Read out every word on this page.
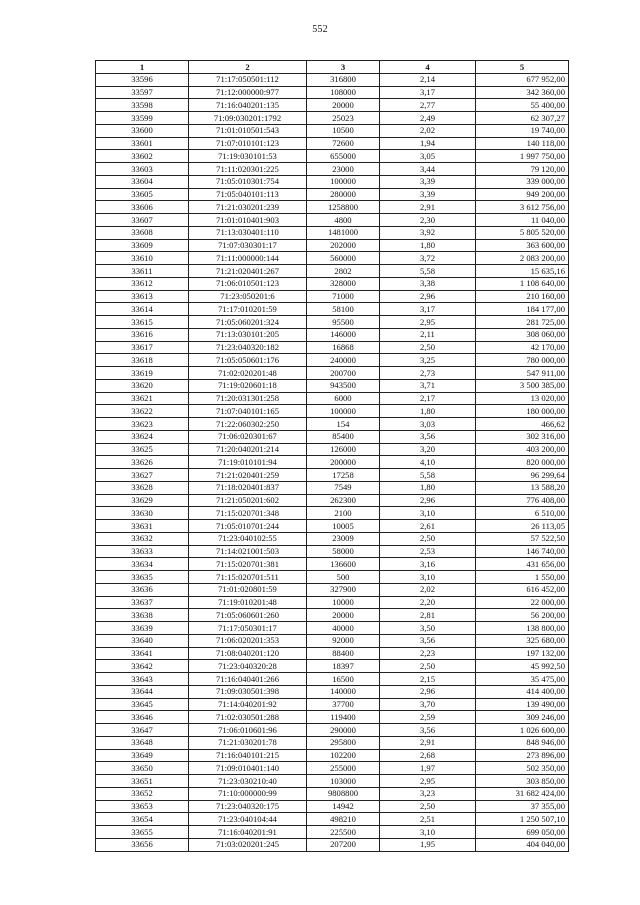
552
1	2	3	4	5
33596	71:17:050501:112	316800	2,14	677 952,00
33597	71:12:000000:977	108000	3,17	342 360,00
33598	71:16:040201:135	20000	2,77	55 400,00
33599	71:09:030201:1792	25023	2,49	62 307,27
33600	71:01:010501:543	10500	2,02	19 740,00
33601	71:07:010101:123	72600	1,94	140 118,00
33602	71:19:030101:53	655000	3,05	1 997 750,00
33603	71:11:020301:225	23000	3,44	79 120,00
33604	71:05:010301:754	100000	3,39	339 000,00
33605	71:05:040101:113	280000	3,39	949 200,00
33606	71:21:030201:239	1258800	2,91	3 612 756,00
33607	71:01:010401:903	4800	2,30	11 040,00
33608	71:13:030401:110	1481000	3,92	5 805 520,00
33609	71:07:030301:17	202000	1,80	363 600,00
33610	71:11:000000:144	560000	3,72	2 083 200,00
33611	71:21:020401:267	2802	5,58	15 635,16
33612	71:06:010501:123	328000	3,38	1 108 640,00
33613	71:23:050201:6	71000	2,96	210 160,00
33614	71:17:010201:59	58100	3,17	184 177,00
33615	71:05:060201:324	95500	2,95	281 725,00
33616	71:13:030101:205	146000	2,11	308 060,00
33617	71:23:040320:182	16868	2,50	42 170,00
33618	71:05:050601:176	240000	3,25	780 000,00
33619	71:02:020201:48	200700	2,73	547 911,00
33620	71:19:020601:18	943500	3,71	3 500 385,00
33621	71:20:031301:258	6000	2,17	13 020,00
33622	71:07:040101:165	100000	1,80	180 000,00
33623	71:22:060302:250	154	3,03	466,62
33624	71:06:020301:67	85400	3,56	302 316,00
33625	71:20:040201:214	126000	3,20	403 200,00
33626	71:19:010101:94	200000	4,10	820 000,00
33627	71:21:020401:259	17258	5,58	96 299,64
33628	71:18:020401:837	7549	1,80	13 588,20
33629	71:21:050201:602	262300	2,96	776 408,00
33630	71:15:020701:348	2100	3,10	6 510,00
33631	71:05:010701:244	10005	2,61	26 113,05
33632	71:23:040102:55	23009	2,50	57 522,50
33633	71:14:021001:503	58000	2,53	146 740,00
33634	71:15:020701:381	136600	3,16	431 656,00
33635	71:15:020701:511	500	3,10	1 550,00
33636	71:01:020801:59	327900	2,02	616 452,00
33637	71:19:010201:48	10000	2,20	22 000,00
33638	71:05:060601:260	20000	2,81	56 200,00
33639	71:17:050301:17	40000	3,50	138 800,00
33640	71:06:020201:353	92000	3,56	325 680,00
33641	71:08:040201:120	88400	2,23	197 132,00
33642	71:23:040320:28	18397	2,50	45 992,50
33643	71:16:040401:266	16500	2,15	35 475,00
33644	71:09:030501:398	140000	2,96	414 400,00
33645	71:14:040201:92	37700	3,70	139 490,00
33646	71:02:030501:288	119400	2,59	309 246,00
33647	71:06:010601:96	290000	3,56	1 026 600,00
33648	71:21:030201:78	295800	2,91	848 946,00
33649	71:16:040101:215	102200	2,68	273 896,00
33650	71:09:010401:140	255000	1,97	502 350,00
33651	71:23:030210:40	103000	2,95	303 850,00
33652	71:10:000000:99	9808800	3,23	31 682 424,00
33653	71:23:040320:175	14942	2,50	37 355,00
33654	71:23:040104:44	498210	2,51	1 250 507,10
33655	71:16:040201:91	225500	3,10	699 050,00
33656	71:03:020201:245	207200	1,95	404 040,00
